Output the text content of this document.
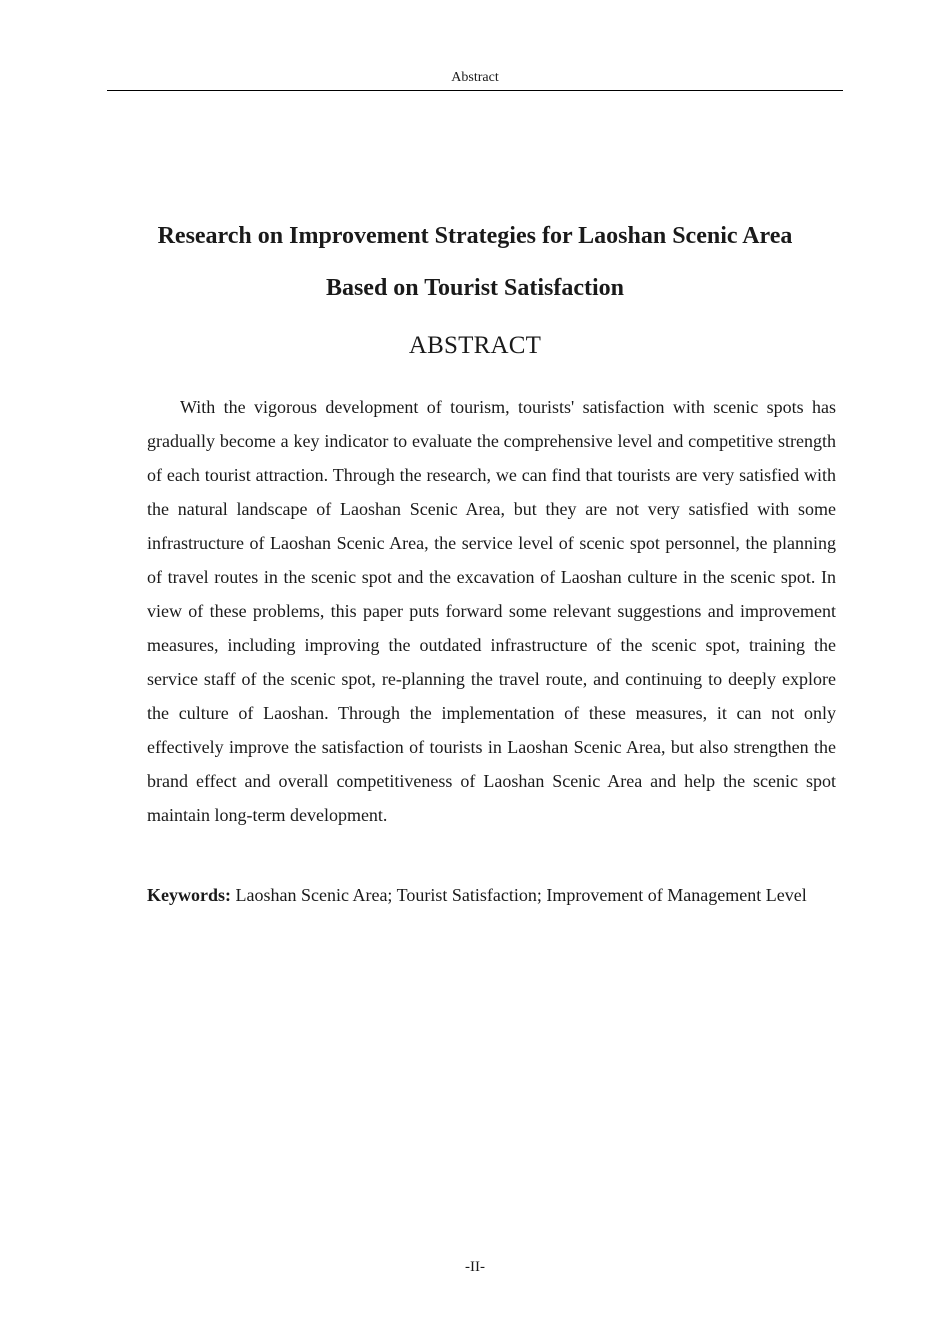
Abstract
Research on Improvement Strategies for Laoshan Scenic Area
Based on Tourist Satisfaction
ABSTRACT

With the vigorous development of tourism, tourists' satisfaction with scenic spots has gradually become a key indicator to evaluate the comprehensive level and competitive strength of each tourist attraction. Through the research, we can find that tourists are very satisfied with the natural landscape of Laoshan Scenic Area, but they are not very satisfied with some infrastructure of Laoshan Scenic Area, the service level of scenic spot personnel, the planning of travel routes in the scenic spot and the excavation of Laoshan culture in the scenic spot. In view of these problems, this paper puts forward some relevant suggestions and improvement measures, including improving the outdated infrastructure of the scenic spot, training the service staff of the scenic spot, re-planning the travel route, and continuing to deeply explore the culture of Laoshan. Through the implementation of these measures, it can not only effectively improve the satisfaction of tourists in Laoshan Scenic Area, but also strengthen the brand effect and overall competitiveness of Laoshan Scenic Area and help the scenic spot maintain long-term development.

Keywords: Laoshan Scenic Area; Tourist Satisfaction; Improvement of Management Level

-II-
